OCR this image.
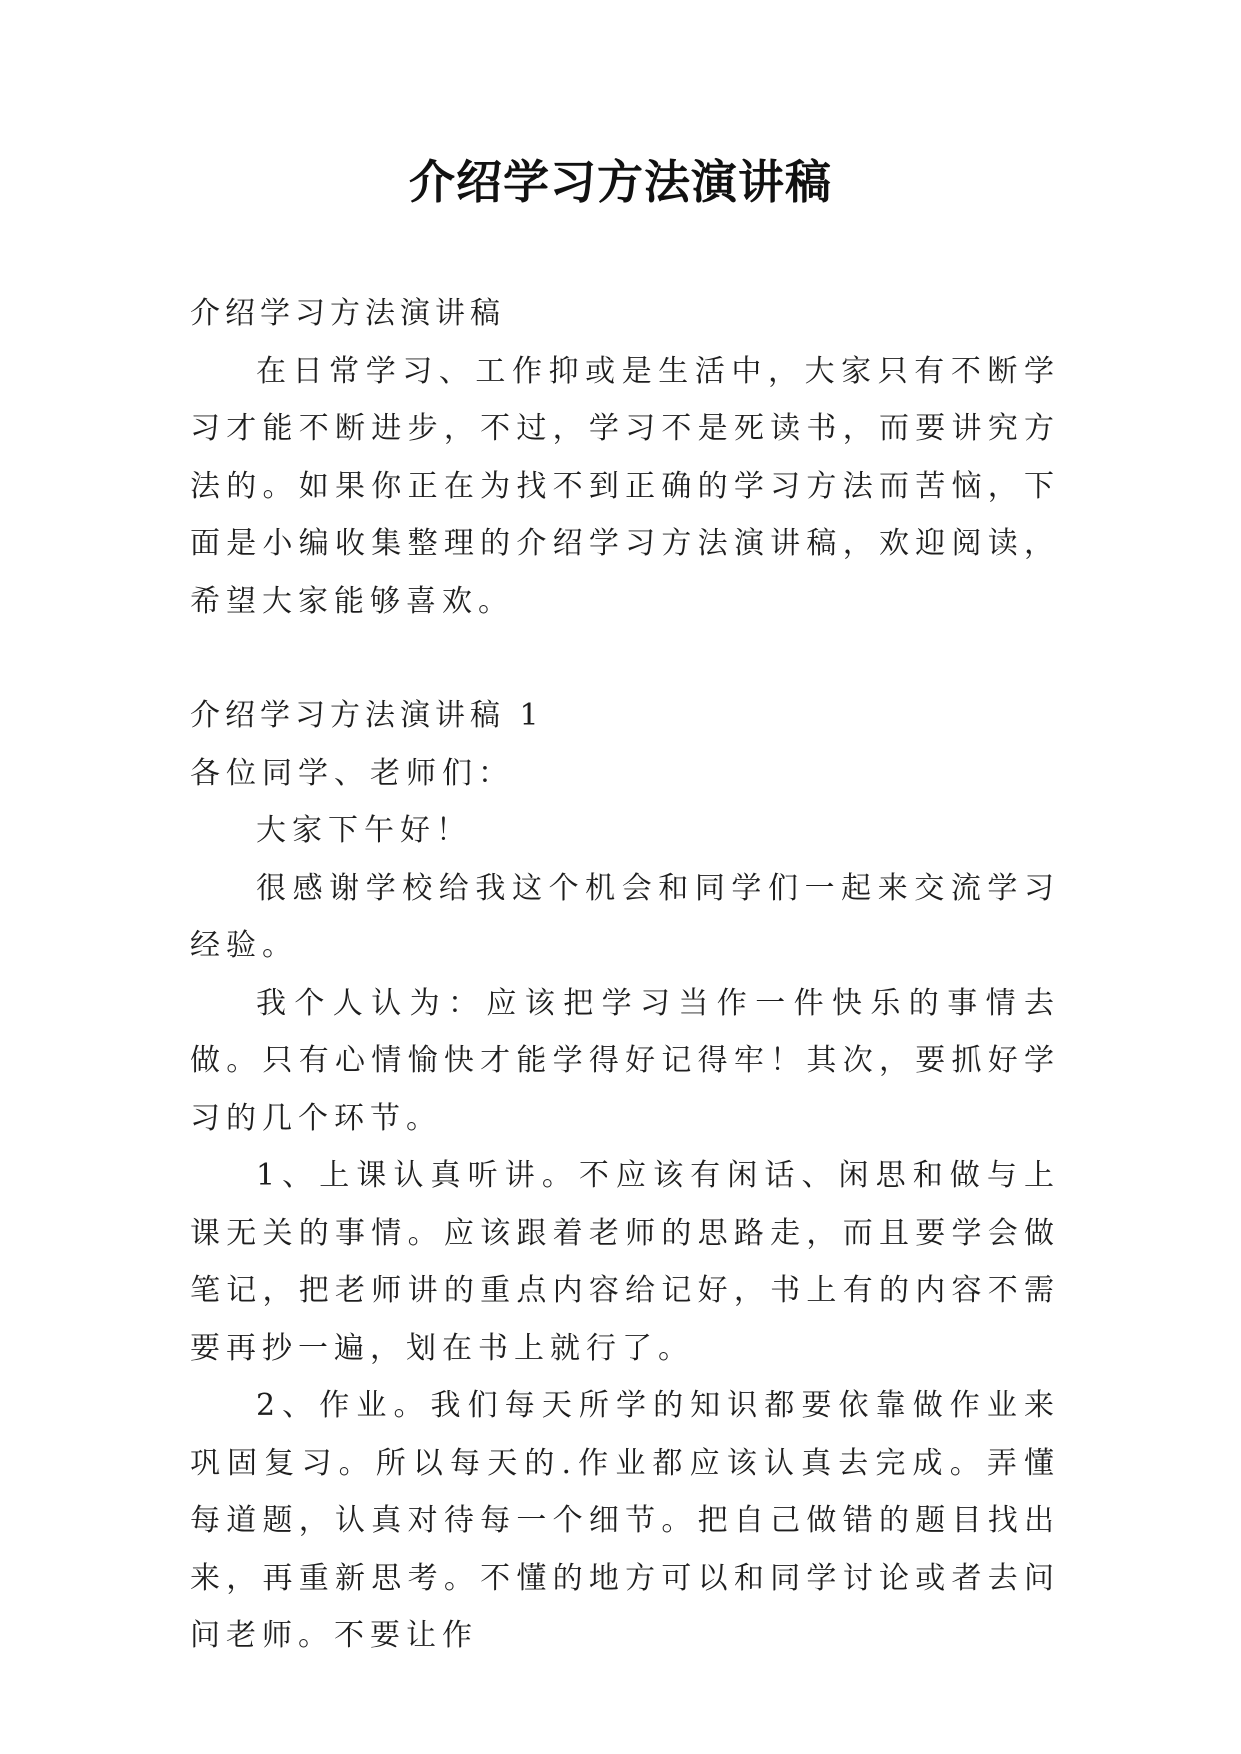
介绍学习方法演讲稿

介绍学习方法演讲稿

在日常学习、工作抑或是生活中，大家只有不断学习才能不断进步，不过，学习不是死读书，而要讲究方法的。如果你正在为找不到正确的学习方法而苦恼，下面是小编收集整理的介绍学习方法演讲稿，欢迎阅读，希望大家能够喜欢。

介绍学习方法演讲稿 1

各位同学、老师们：

大家下午好！

很感谢学校给我这个机会和同学们一起来交流学习经验。

我个人认为：应该把学习当作一件快乐的事情去做。只有心情愉快才能学得好记得牢！其次，要抓好学习的几个环节。

1、上课认真听讲。不应该有闲话、闲思和做与上课无关的事情。应该跟着老师的思路走，而且要学会做笔记，把老师讲的重点内容给记好，书上有的内容不需要再抄一遍，划在书上就行了。

2、作业。我们每天所学的知识都要依靠做作业来巩固复习。所以每天的.作业都应该认真去完成。弄懂每道题，认真对待每一个细节。把自己做错的题目找出来，再重新思考。不懂的地方可以和同学讨论或者去问问老师。不要让作
